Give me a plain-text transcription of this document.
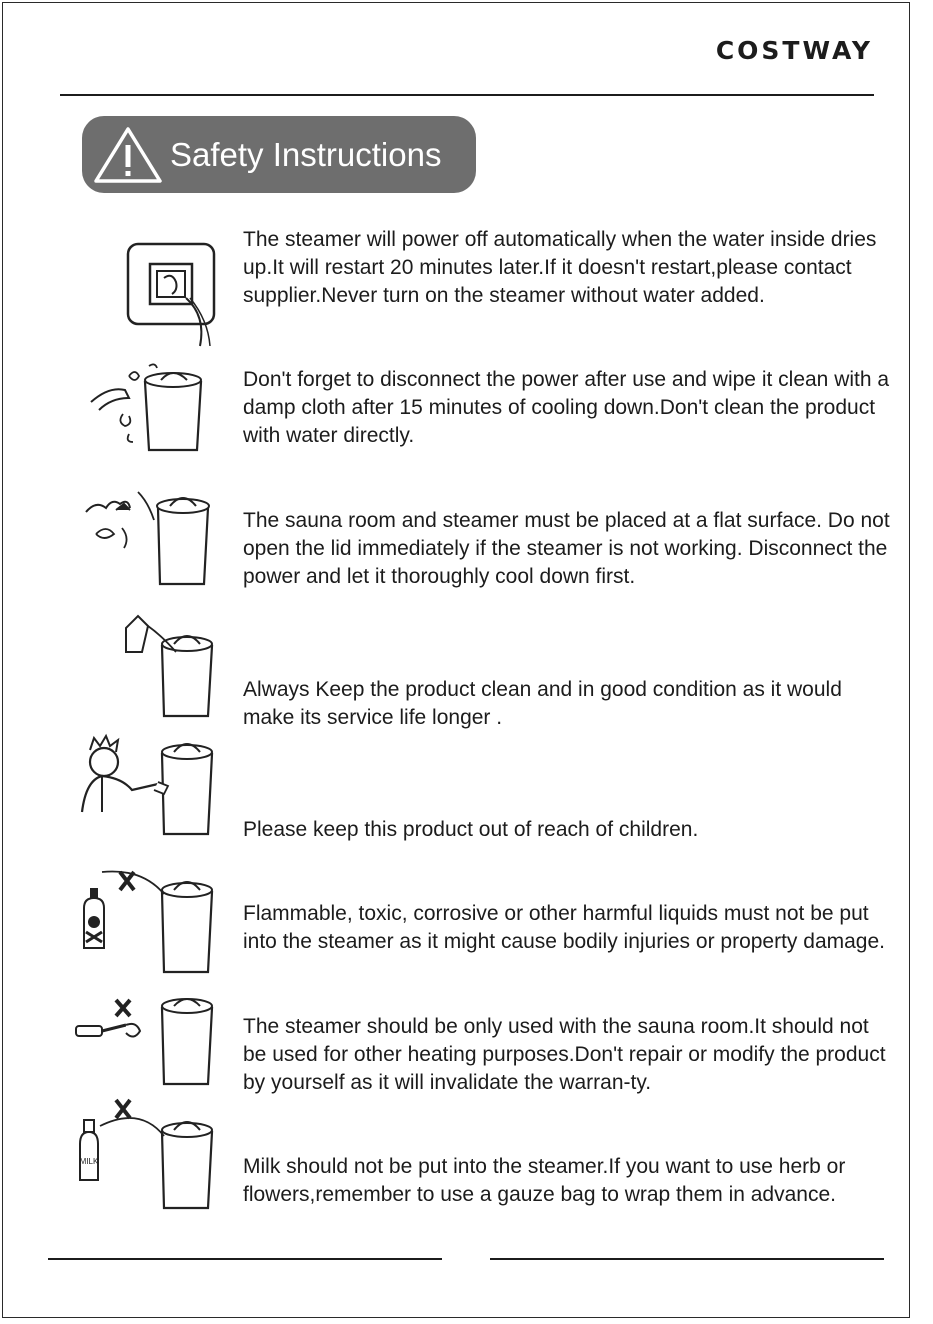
COSTWAY
Safety Instructions
MILK

The steamer will power off automatically when the water inside dries up.It will restart 20 minutes later.If it doesn't restart,please contact supplier.Never turn on the steamer without water added.

Don't forget to disconnect the power after use and wipe it clean with a damp cloth after 15 minutes of cooling down.Don't clean the product with water directly.

The sauna room and steamer must be placed at a flat surface. Do not open the lid immediately if the steamer is not working. Disconnect the power and let it thoroughly cool down first.

Always Keep the product clean and in good condition as it would make its service life longer .

Please keep this product out of reach of children.

Flammable, toxic, corrosive or other harmful liquids must not be put into the steamer as it might cause bodily injuries or property damage.

The steamer should be only used with the sauna room.It should not be used for other heating purposes.Don't repair or modify the product by yourself as it will invalidate the warran-ty.

Milk should not be put into the steamer.If you want to use herb or flowers,remember to use a gauze bag to wrap them in advance.
